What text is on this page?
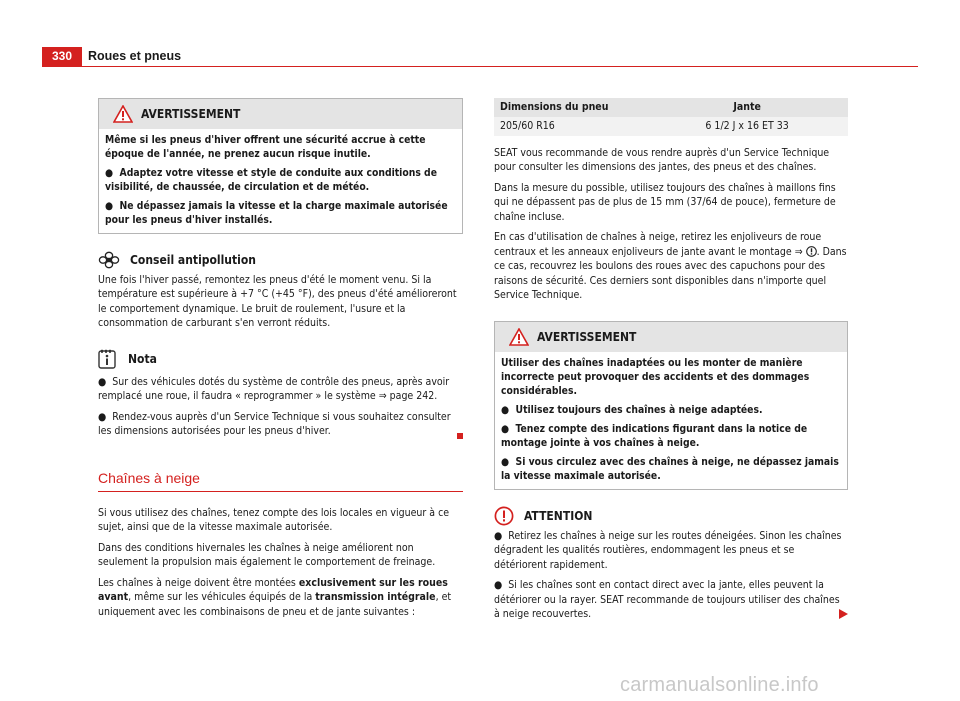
330	Roues et pneus
AVERTISSEMENT

Même si les pneus d'hiver offrent une sécurité accrue à cette époque de l'année, ne prenez aucun risque inutile.

● Adaptez votre vitesse et style de conduite aux conditions de visibilité, de chaussée, de circulation et de météo.

● Ne dépassez jamais la vitesse et la charge maximale autorisée pour les pneus d'hiver installés.

Conseil antipollution

Une fois l'hiver passé, remontez les pneus d'été le moment venu. Si la température est supérieure à +7 °C (+45 °F), des pneus d'été amélioreront le comportement dynamique. Le bruit de roulement, l'usure et la consommation de carburant s'en verront réduits.

Nota

● Sur des véhicules dotés du système de contrôle des pneus, après avoir remplacé une roue, il faudra « reprogrammer » le système ⇒ page 242.

● Rendez-vous auprès d'un Service Technique si vous souhaitez consulter les dimensions autorisées pour les pneus d'hiver.

Chaînes à neige

Si vous utilisez des chaînes, tenez compte des lois locales en vigueur à ce sujet, ainsi que de la vitesse maximale autorisée.

Dans des conditions hivernales les chaînes à neige améliorent non seulement la propulsion mais également le comportement de freinage.

Les chaînes à neige doivent être montées exclusivement sur les roues avant, même sur les véhicules équipés de la transmission intégrale, et uniquement avec les combinaisons de pneu et de jante suivantes :

Dimensions du pneu	Jante
205/60 R16	6 1/2 J x 16 ET 33

SEAT vous recommande de vous rendre auprès d'un Service Technique pour consulter les dimensions des jantes, des pneus et des chaînes.

Dans la mesure du possible, utilisez toujours des chaînes à maillons fins qui ne dépassent pas de plus de 15 mm (37/64 de pouce), fermeture de chaîne incluse.

En cas d'utilisation de chaînes à neige, retirez les enjoliveurs de roue centraux et les anneaux enjoliveurs de jante avant le montage ⇒ . Dans ce cas, recouvrez les boulons des roues avec des capuchons pour des raisons de sécurité. Ces derniers sont disponibles dans n'importe quel Service Technique.

AVERTISSEMENT

Utiliser des chaînes inadaptées ou les monter de manière incorrecte peut provoquer des accidents et des dommages considérables.

● Utilisez toujours des chaînes à neige adaptées.

● Tenez compte des indications figurant dans la notice de montage jointe à vos chaînes à neige.

● Si vous circulez avec des chaînes à neige, ne dépassez jamais la vitesse maximale autorisée.

ATTENTION

● Retirez les chaînes à neige sur les routes déneigées. Sinon les chaînes dégradent les qualités routières, endommagent les pneus et se détériorent rapidement.

● Si les chaînes sont en contact direct avec la jante, elles peuvent la détériorer ou la rayer. SEAT recommande de toujours utiliser des chaînes à neige recouvertes.

carmanualsonline.info
